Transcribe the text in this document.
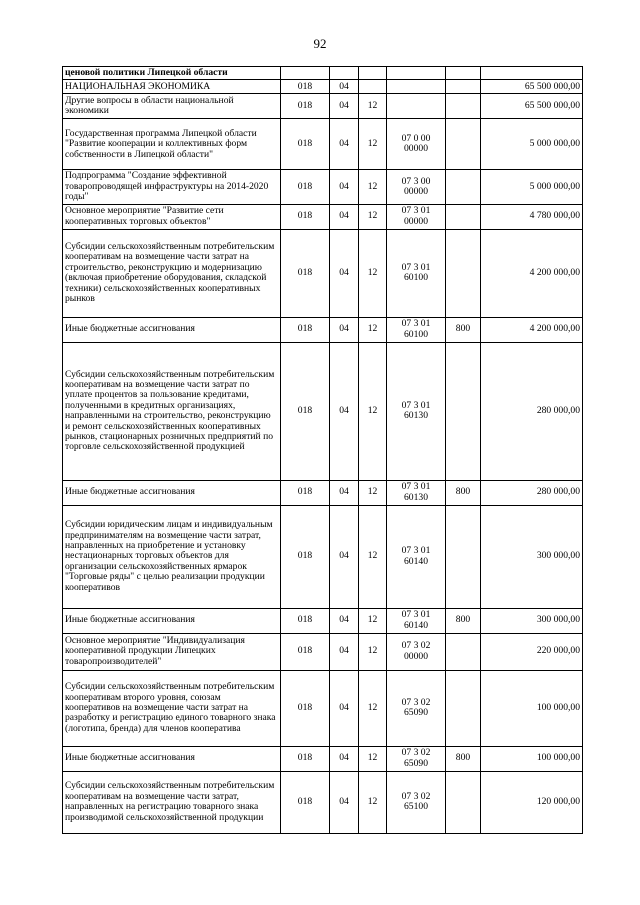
92
ценовой политики Липецкой области						
НАЦИОНАЛЬНАЯ ЭКОНОМИКА	018	04				65 500 000,00
Другие вопросы в области национальной экономики	018	04	12			65 500 000,00
Государственная программа Липецкой области "Развитие кооперации и коллективных форм собственности в Липецкой области"	018	04	12	07 0 00 00000		5 000 000,00
Подпрограмма "Создание эффективной товаропроводящей инфраструктуры на 2014-2020 годы"	018	04	12	07 3 00 00000		5 000 000,00
Основное мероприятие "Развитие сети кооперативных торговых объектов"	018	04	12	07 3 01 00000		4 780 000,00
Субсидии сельскохозяйственным потребительским кооперативам на возмещение части затрат на строительство, реконструкцию и модернизацию (включая приобретение оборудования, складской техники) сельскохозяйственных кооперативных рынков	018	04	12	07 3 01 60100		4 200 000,00
Иные бюджетные ассигнования	018	04	12	07 3 01 60100	800	4 200 000,00
Субсидии сельскохозяйственным потребительским кооперативам на возмещение части затрат по уплате процентов за пользование кредитами, полученными в кредитных организациях, направленными на строительство, реконструкцию и ремонт сельскохозяйственных кооперативных рынков, стационарных розничных предприятий по торговле сельскохозяйственной продукцией	018	04	12	07 3 01 60130		280 000,00
Иные бюджетные ассигнования	018	04	12	07 3 01 60130	800	280 000,00
Субсидии юридическим лицам и индивидуальным предпринимателям на возмещение части затрат, направленных на приобретение и установку нестационарных торговых объектов для организации сельскохозяйственных ярмарок "Торговые ряды" с целью реализации продукции кооперативов	018	04	12	07 3 01 60140		300 000,00
Иные бюджетные ассигнования	018	04	12	07 3 01 60140	800	300 000,00
Основное мероприятие "Индивидуализация кооперативной продукции Липецких товаропроизводителей"	018	04	12	07 3 02 00000		220 000,00
Субсидии сельскохозяйственным потребительским кооперативам второго уровня, союзам кооперативов на возмещение части затрат на разработку и регистрацию единого товарного знака (логотипа, бренда) для членов кооператива	018	04	12	07 3 02 65090		100 000,00
Иные бюджетные ассигнования	018	04	12	07 3 02 65090	800	100 000,00
Субсидии сельскохозяйственным потребительским кооперативам на возмещение части затрат, направленных на регистрацию товарного знака производимой сельскохозяйственной продукции	018	04	12	07 3 02 65100		120 000,00
